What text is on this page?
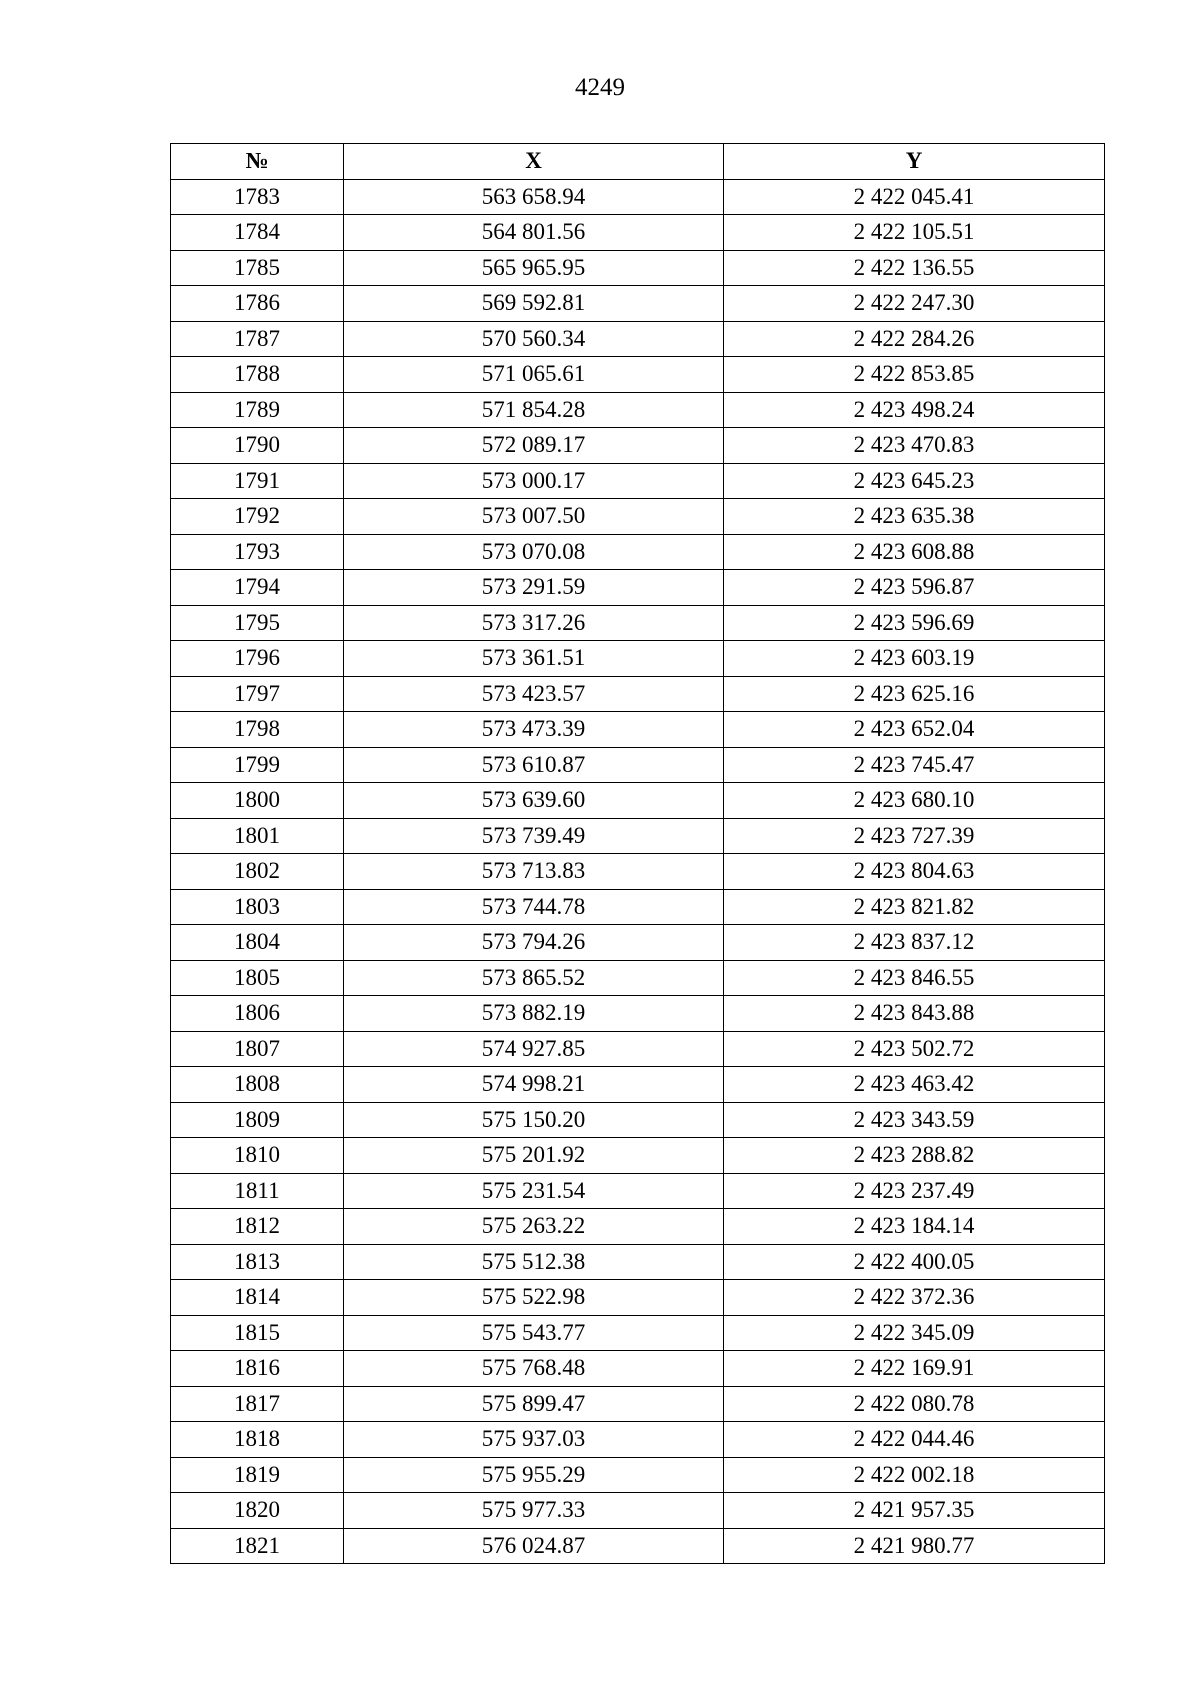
4249
№	X	Y
1783	563 658.94	2 422 045.41
1784	564 801.56	2 422 105.51
1785	565 965.95	2 422 136.55
1786	569 592.81	2 422 247.30
1787	570 560.34	2 422 284.26
1788	571 065.61	2 422 853.85
1789	571 854.28	2 423 498.24
1790	572 089.17	2 423 470.83
1791	573 000.17	2 423 645.23
1792	573 007.50	2 423 635.38
1793	573 070.08	2 423 608.88
1794	573 291.59	2 423 596.87
1795	573 317.26	2 423 596.69
1796	573 361.51	2 423 603.19
1797	573 423.57	2 423 625.16
1798	573 473.39	2 423 652.04
1799	573 610.87	2 423 745.47
1800	573 639.60	2 423 680.10
1801	573 739.49	2 423 727.39
1802	573 713.83	2 423 804.63
1803	573 744.78	2 423 821.82
1804	573 794.26	2 423 837.12
1805	573 865.52	2 423 846.55
1806	573 882.19	2 423 843.88
1807	574 927.85	2 423 502.72
1808	574 998.21	2 423 463.42
1809	575 150.20	2 423 343.59
1810	575 201.92	2 423 288.82
1811	575 231.54	2 423 237.49
1812	575 263.22	2 423 184.14
1813	575 512.38	2 422 400.05
1814	575 522.98	2 422 372.36
1815	575 543.77	2 422 345.09
1816	575 768.48	2 422 169.91
1817	575 899.47	2 422 080.78
1818	575 937.03	2 422 044.46
1819	575 955.29	2 422 002.18
1820	575 977.33	2 421 957.35
1821	576 024.87	2 421 980.77
